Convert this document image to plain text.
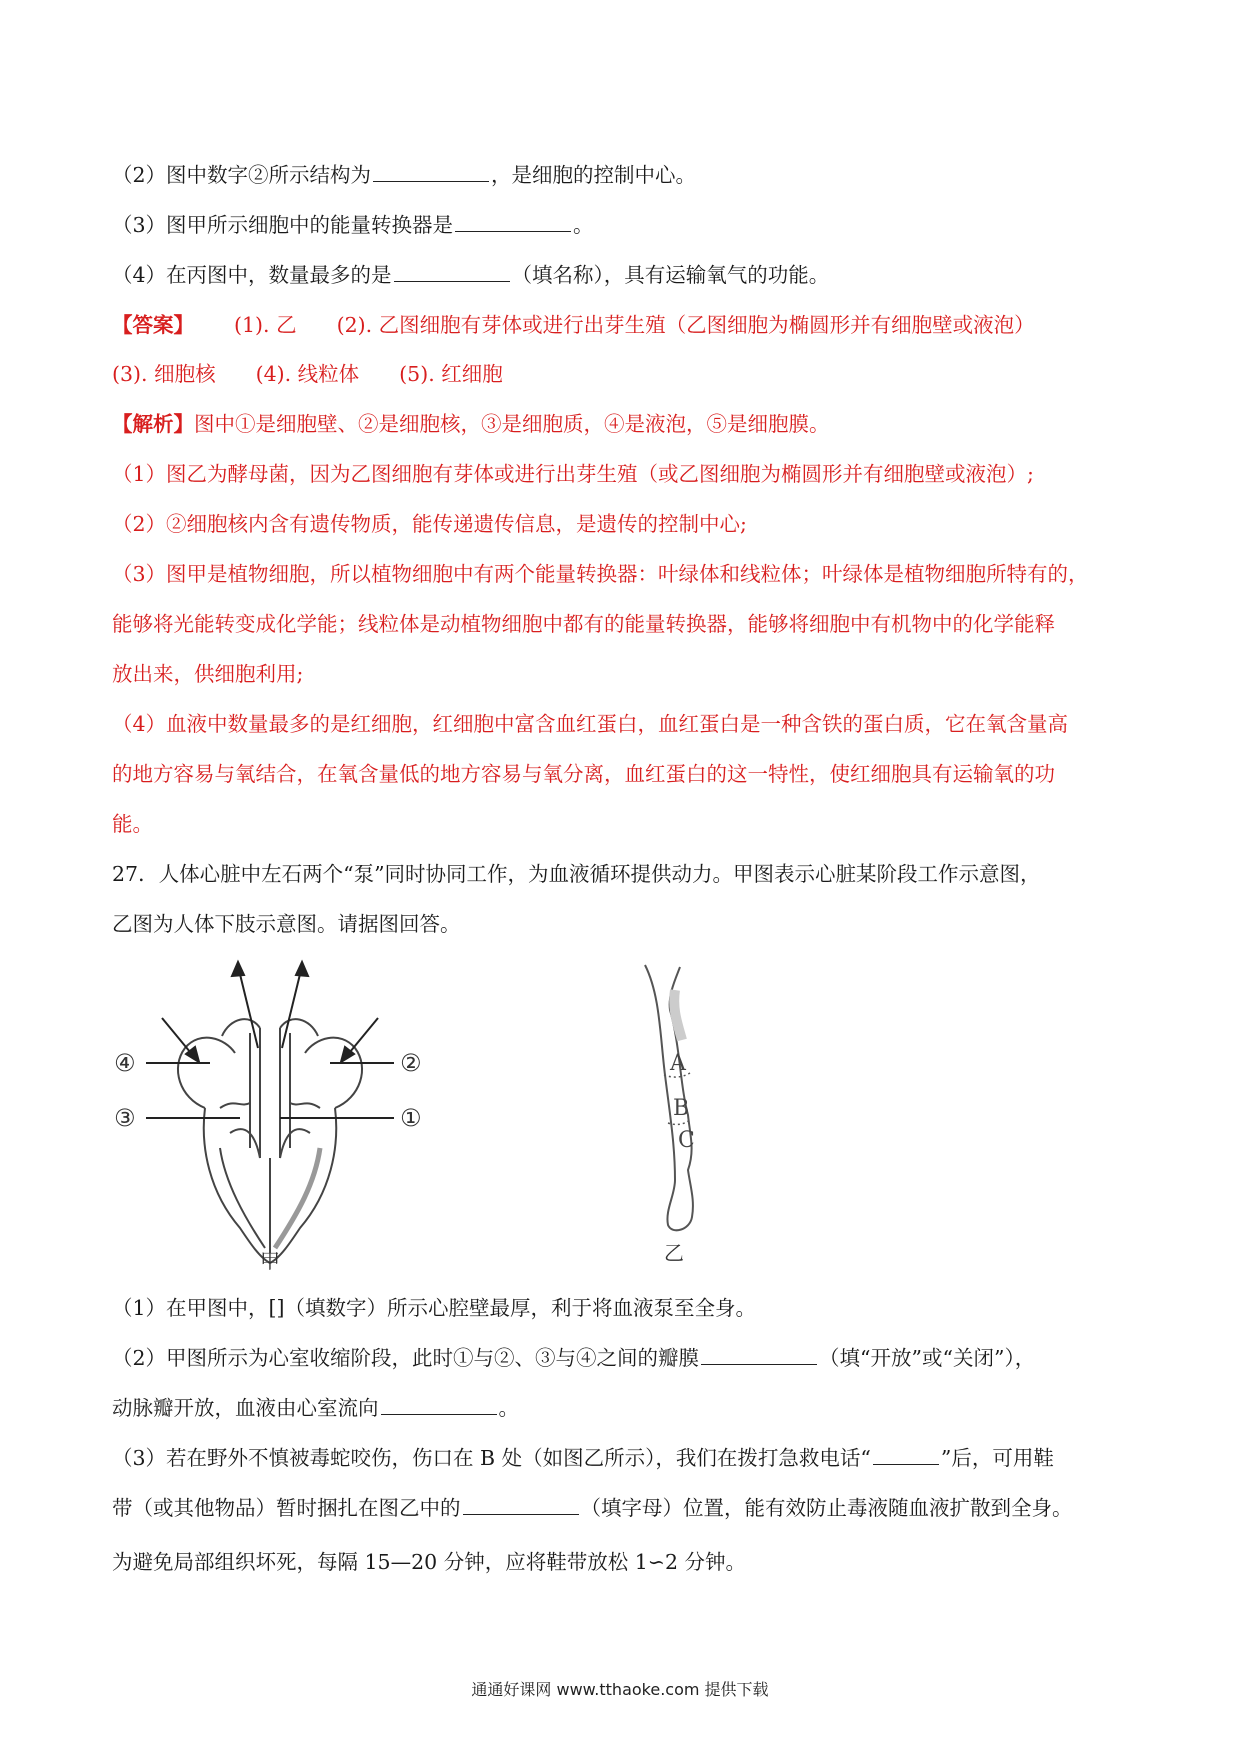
（2）图中数字②所示结构为	，是细胞的控制中心。
（3）图甲所示细胞中的能量转换器是	。
（4）在丙图中，数量最多的是	（填名称），具有运输氧气的功能。
【答案】 (1). 乙 (2). 乙图细胞有芽体或进行出芽生殖（乙图细胞为椭圆形并有细胞壁或液泡）
(3). 细胞核 (4). 线粒体 (5). 红细胞
【解析】图中①是细胞壁、②是细胞核，③是细胞质，④是液泡，⑤是细胞膜。
（1）图乙为酵母菌，因为乙图细胞有芽体或进行出芽生殖（或乙图细胞为椭圆形并有细胞壁或液泡）;
（2）②细胞核内含有遗传物质，能传递遗传信息，是遗传的控制中心;
（3）图甲是植物细胞，所以植物细胞中有两个能量转换器：叶绿体和线粒体；叶绿体是植物细胞所特有的，
能够将光能转变成化学能；线粒体是动植物细胞中都有的能量转换器，能够将细胞中有机物中的化学能释
放出来，供细胞利用;
（4）血液中数量最多的是红细胞，红细胞中富含血红蛋白，血红蛋白是一种含铁的蛋白质，它在氧含量高
的地方容易与氧结合，在氧含量低的地方容易与氧分离，血红蛋白的这一特性，使红细胞具有运输氧的功
能。
27．人体心脏中左石两个“泵”同时协同工作，为血液循环提供动力。甲图表示心脏某阶段工作示意图，
乙图为人体下肢示意图。请据图回答。
④
③
②
①
甲
A
B
C
乙
（1）在甲图中，[]（填数字）所示心腔壁最厚，利于将血液泵至全身。
（2）甲图所示为心室收缩阶段，此时①与②、③与④之间的瓣膜	（填“开放”或“关闭”），
动脉瓣开放，血液由心室流向	。
（3）若在野外不慎被毒蛇咬伤，伤口在 B 处（如图乙所示），我们在拨打急救电话“	”后，可用鞋
带（或其他物品）暂时捆扎在图乙中的	（填字母）位置，能有效防止毒液随血液扩散到全身。
为避免局部组织坏死，每隔 15—20 分钟，应将鞋带放松 1∽2 分钟。
通通好课网 www.tthaoke.com 提供下载
